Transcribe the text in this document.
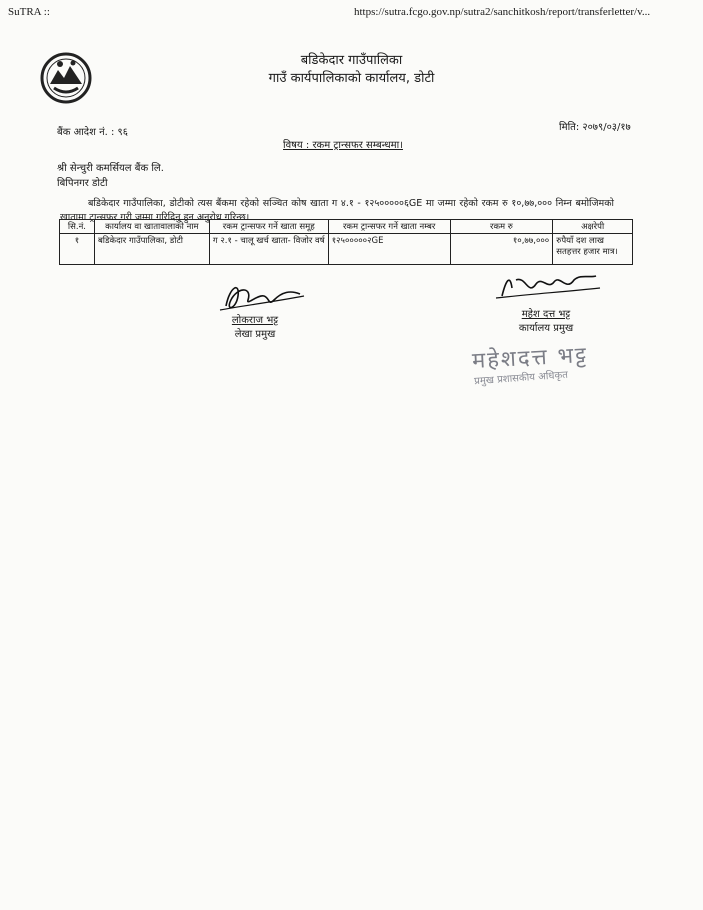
SuTRA ::	https://sutra.fcgo.gov.np/sutra2/sanchitkosh/report/transferletter/v...
बडिकेदार गाउँपालिका
गाउँ कार्यपालिकाको कार्यालय, डोटी
बैंक आदेश नं. : ९६	मिति: २०७९/०३/१७
विषय : रकम ट्रान्सफर सम्बन्धमा।
श्री सेन्चुरी कमर्सियल बैंक लि.
बिपिनगर डोटी
बडिकेदार गाउँपालिका, डोटीको त्यस बैंकमा रहेको सञ्चित कोष खाता ग ४.१ - १२५०००००६GE मा जम्मा रहेको रकम रु १०,७७,००० निम्न बमोजिमको खातामा ट्रान्सफर गरी जम्मा गरिदिनु हुन अनुरोध गरिन्छ।
सि.नं.	कार्यालय वा खातावालाको नाम	रकम ट्रान्सफर गर्ने खाता समूह	रकम ट्रान्सफर गर्ने खाता नम्बर	रकम रु	अक्षरेपी
१	बडिकेदार गाउँपालिका, डोटी	ग २.१ - चालू खर्च खाता- विजोर वर्ष	१२५०००००२GE	१०,७७,०००	रुपैयाँ दश लाख सतहत्तर हजार मात्र।
लोकराज भट्ट
लेखा प्रमुख
महेश दत्त भट्ट
कार्यालय प्रमुख
महेशदत्त भट्ट
प्रमुख प्रशासकीय अधिकृत
